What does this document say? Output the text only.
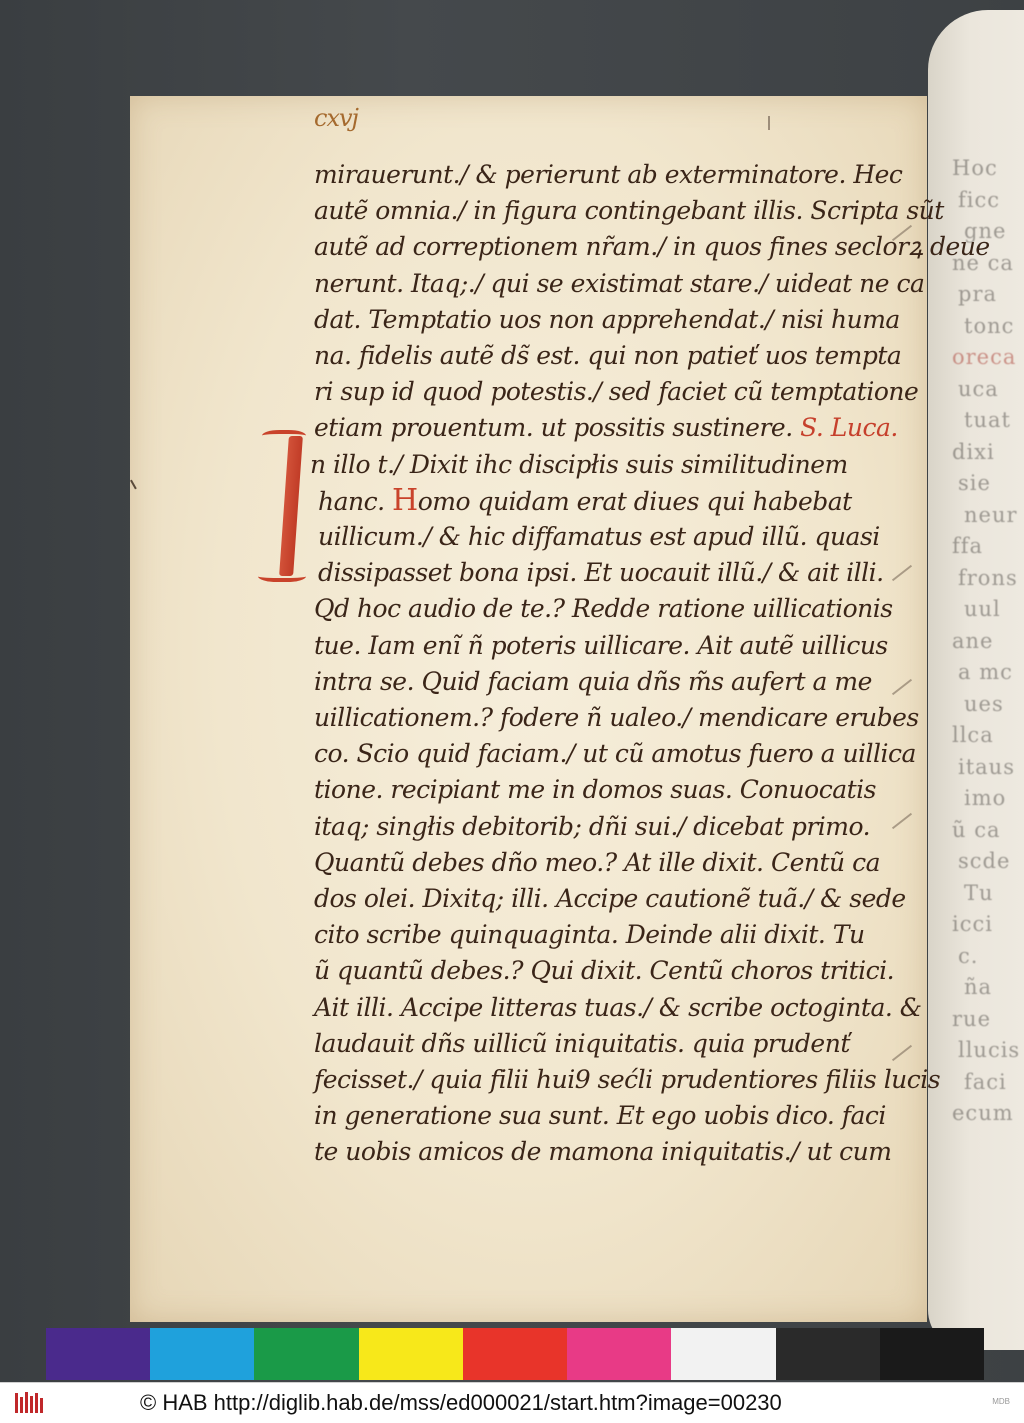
Hoc
ficc
gne
ne ca
pra
tonc
oreca
uca
tuat
dixi
sie
neur
ffa
frons
uul
ane
a mc
ues
llca
itaus
imo
ũ ca
scde
Tu
icci
c.
ña
rue
llucis
faci
ecum
cxvj
mirauerunt./ & perierunt ab exterminatore. Hec
autẽ omnia./ in figura contingebant illis. Scripta sũt
autẽ ad correptionem nr̃am./ in quos fines seclorꝝ deue
nerunt. Itaq;./ qui se existimat stare./ uideat ne ca
dat. Temptatio uos non apprehendat./ nisi huma
na. fidelis autẽ ds̃ est. qui non patieť uos tempta
ri sup id quod potestis./ sed faciet cũ temptatione
etiam prouentum. ut possitis sustinere. S. Luca.
n illo t./ Dixit ihc discipłis suis similitudinem
hanc. Homo quidam erat diues qui habebat
uillicum./ & hic diffamatus est apud illũ. quasi
dissipasset bona ipsi. Et uocauit illũ./ & ait illi.
Qd hoc audio de te.? Redde ratione uillicationis
tue. Iam enĩ ñ poteris uillicare. Ait autẽ uillicus
intra se. Quid faciam quia dñs m̃s aufert a me
uillicationem.? fodere ñ ualeo./ mendicare erubes
co. Scio quid faciam./ ut cũ amotus fuero a uillica
tione. recipiant me in domos suas. Conuocatis
itaq; singłis debitorib; dñi sui./ dicebat primo.
Quantũ debes dño meo.? At ille dixit. Centũ ca
dos olei. Dixitq; illi. Accipe cautionẽ tuã./ & sede
cito scribe quinquaginta. Deinde alii dixit. Tu
ũ quantũ debes.? Qui dixit. Centũ choros tritici.
Ait illi. Accipe litteras tuas./ & scribe octoginta. &
laudauit dñs uillicũ iniquitatis. quia prudenť
fecisset./ quia filii hui9 sećli prudentiores filiis lucis
in generatione sua sunt. Et ego uobis dico. faci
te uobis amicos de mamona iniquitatis./ ut cum
© HAB http://diglib.hab.de/mss/ed000021/start.htm?image=00230	MDB
